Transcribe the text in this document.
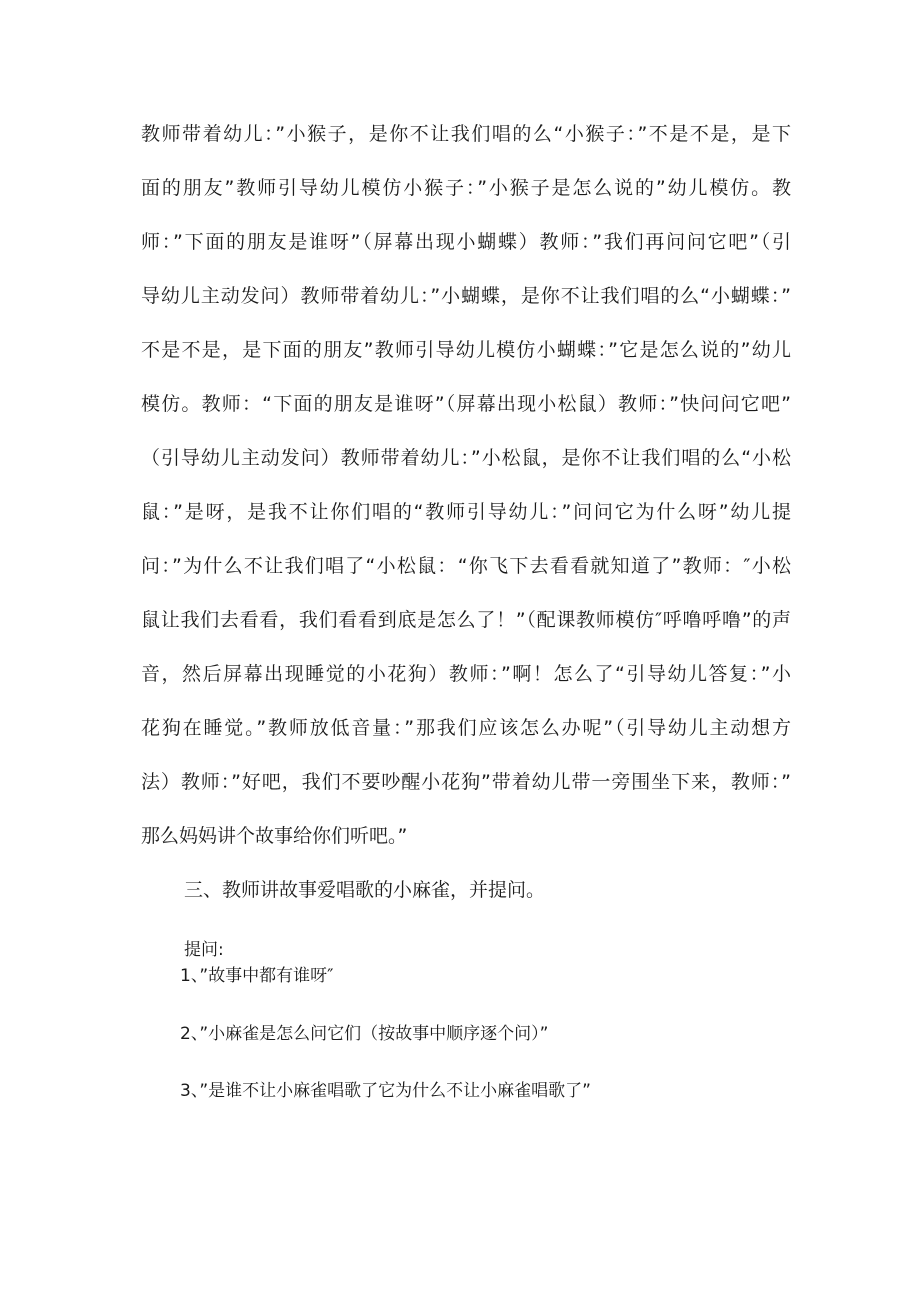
教师带着幼儿：”小猴子，是你不让我们唱的么“小猴子：”不是不是，是下
面的朋友”教师引导幼儿模仿小猴子：”小猴子是怎么说的”幼儿模仿。教
师：”下面的朋友是谁呀”（屏幕出现小蝴蝶）教师：”我们再问问它吧”（引
导幼儿主动发问）教师带着幼儿：”小蝴蝶，是你不让我们唱的么“小蝴蝶：”
不是不是，是下面的朋友”教师引导幼儿模仿小蝴蝶：”它是怎么说的”幼儿
模仿。教师：“下面的朋友是谁呀”（屏幕出现小松鼠）教师：”快问问它吧”
（引导幼儿主动发问）教师带着幼儿：”小松鼠，是你不让我们唱的么“小松
鼠：”是呀，是我不让你们唱的“教师引导幼儿：”问问它为什么呀”幼儿提
问：”为什么不让我们唱了“小松鼠：“你飞下去看看就知道了”教师：″小松
鼠让我们去看看，我们看看到底是怎么了！”（配课教师模仿″呼噜呼噜”的声
音，然后屏幕出现睡觉的小花狗）教师：”啊！怎么了“引导幼儿答复：”小
花狗在睡觉。”教师放低音量：”那我们应该怎么办呢”（引导幼儿主动想方
法）教师：”好吧，我们不要吵醒小花狗”带着幼儿带一旁围坐下来，教师：”
那么妈妈讲个故事给你们听吧。”
三、教师讲故事爱唱歌的小麻雀，并提问。
提问:
1、”故事中都有谁呀″
2、”小麻雀是怎么问它们（按故事中顺序逐个问）”
3、”是谁不让小麻雀唱歌了它为什么不让小麻雀唱歌了”
